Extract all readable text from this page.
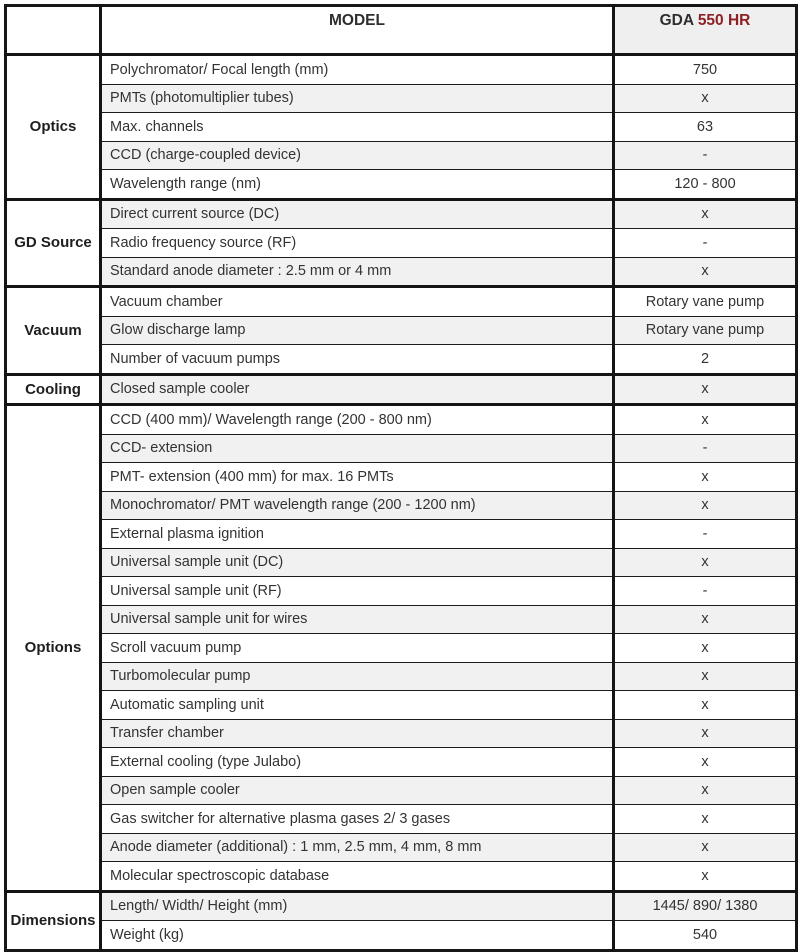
	MODEL	GDA 550 HR
Optics	Polychromator/ Focal length (mm)	750
	PMTs (photomultiplier tubes)	x
	Max. channels	63
	CCD (charge-coupled device)	-
	Wavelength range (nm)	120 - 800
GD Source	Direct current source (DC)	x
	Radio frequency source (RF)	-
	Standard anode diameter : 2.5 mm or 4 mm	x
Vacuum	Vacuum chamber	Rotary vane pump
	Glow discharge lamp	Rotary vane pump
	Number of vacuum pumps	2
Cooling	Closed sample cooler	x
Options	CCD (400 mm)/ Wavelength range (200 - 800 nm)	x
	CCD- extension	-
	PMT- extension (400 mm) for max. 16 PMTs	x
	Monochromator/ PMT wavelength range (200 - 1200 nm)	x
	External plasma ignition	-
	Universal sample unit (DC)	x
	Universal sample unit (RF)	-
	Universal sample unit for wires	x
	Scroll vacuum pump	x
	Turbomolecular pump	x
	Automatic sampling unit	x
	Transfer chamber	x
	External cooling (type Julabo)	x
	Open sample cooler	x
	Gas switcher for alternative plasma gases 2/ 3 gases	x
	Anode diameter (additional) : 1 mm, 2.5 mm, 4 mm, 8 mm	x
	Molecular spectroscopic database	x
Dimensions	Length/ Width/ Height (mm)	1445/ 890/ 1380
	Weight (kg)	540
